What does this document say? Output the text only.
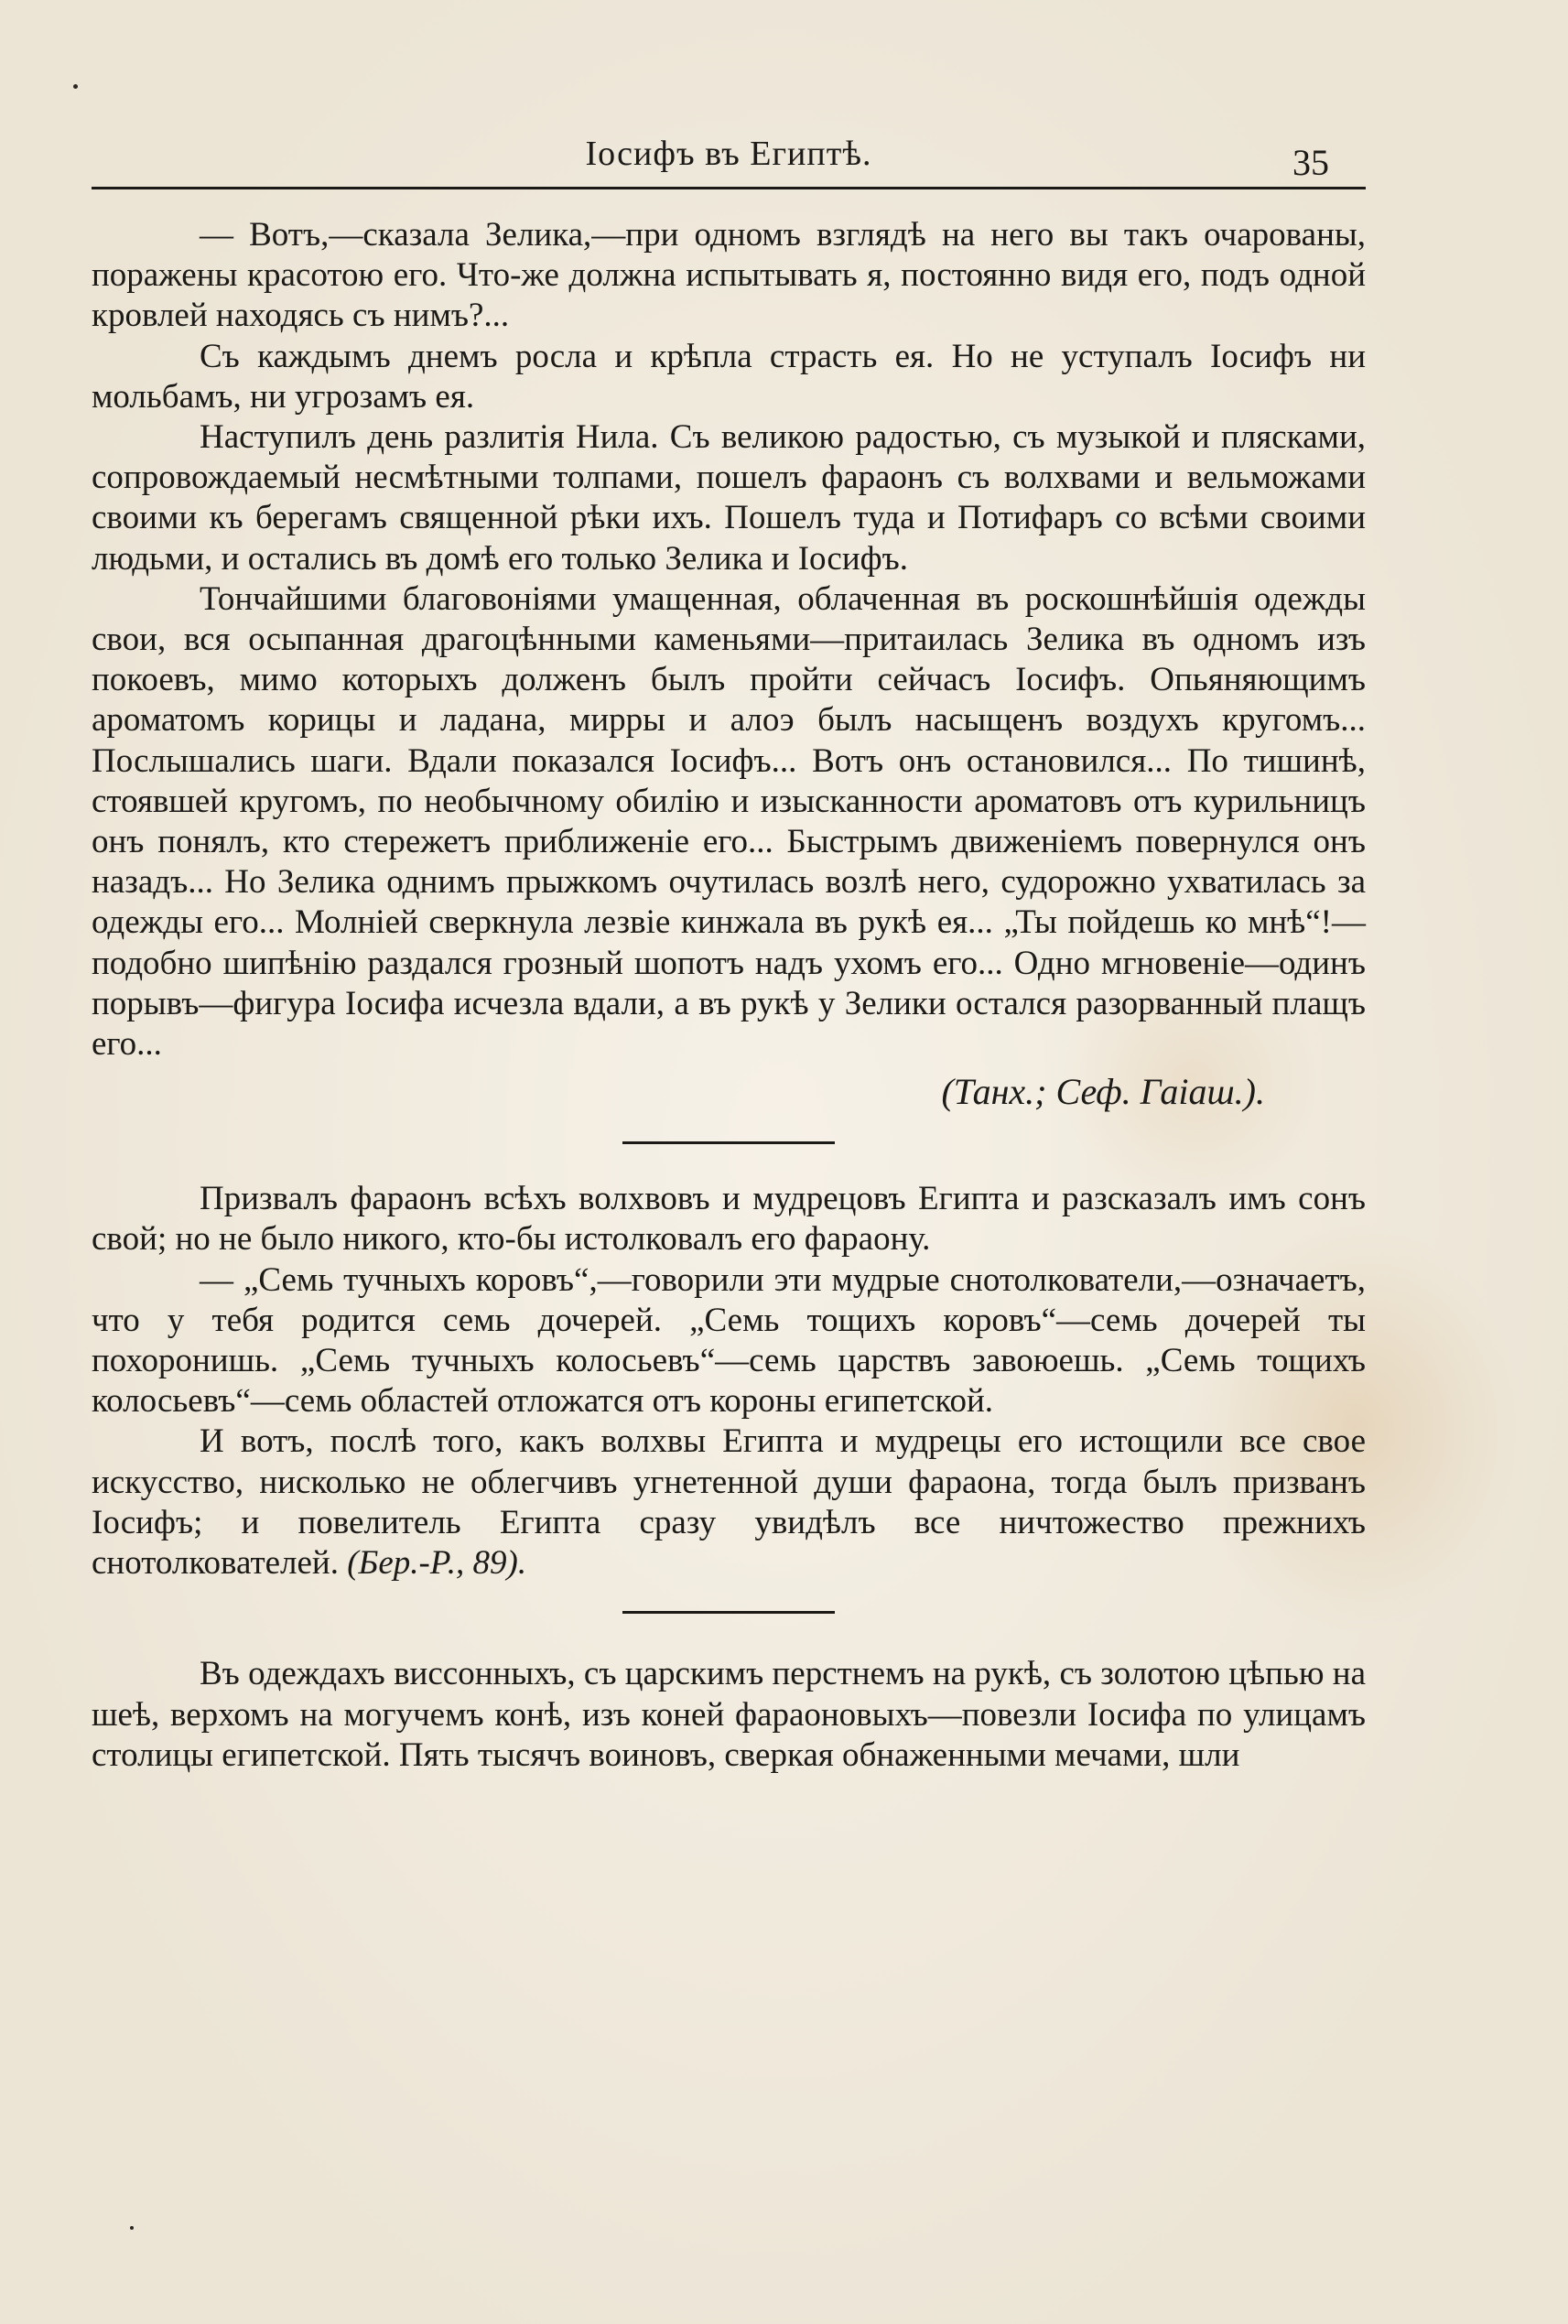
Іосифъ въ Египтѣ.	35

— Вотъ,—сказала Зелика,—при одномъ взглядѣ на него вы такъ очарованы, поражены красотою его. Что-же должна испытывать я, постоянно видя его, подъ одной кровлей находясь съ нимъ?...

Съ каждымъ днемъ росла и крѣпла страсть ея. Но не уступалъ Іосифъ ни мольбамъ, ни угрозамъ ея.

Наступилъ день разлитія Нила. Съ великою радостью, съ музыкой и плясками, сопровождаемый несмѣтными толпами, пошелъ фараонъ съ волхвами и вельможами своими къ берегамъ священной рѣки ихъ. Пошелъ туда и Потифаръ со всѣми своими людьми, и остались въ домѣ его только Зелика и Іосифъ.

Тончайшими благовоніями умащенная, облаченная въ роскошнѣйшія одежды свои, вся осыпанная драгоцѣнными каменьями—притаилась Зелика въ одномъ изъ покоевъ, мимо которыхъ долженъ былъ пройти сейчасъ Іосифъ. Опьяняющимъ ароматомъ корицы и ладана, мирры и алоэ былъ насыщенъ воздухъ кругомъ... Послышались шаги. Вдали показался Іосифъ... Вотъ онъ остановился... По тишинѣ, стоявшей кругомъ, по необычному обилію и изысканности ароматовъ отъ курильницъ онъ понялъ, кто стережетъ приближеніе его... Быстрымъ движеніемъ повернулся онъ назадъ... Но Зелика однимъ прыжкомъ очутилась возлѣ него, судорожно ухватилась за одежды его... Молніей сверкнула лезвіе кинжала въ рукѣ ея... „Ты пойдешь ко мнѣ“!—подобно шипѣнію раздался грозный шопотъ надъ ухомъ его... Одно мгновеніе—одинъ порывъ—фигура Іосифа исчезла вдали, а въ рукѣ у Зелики остался разорванный плащъ его...

(Танх.; Сеф. Гаіаш.).

Призвалъ фараонъ всѣхъ волхвовъ и мудрецовъ Египта и разсказалъ имъ сонъ свой; но не было никого, кто-бы истолковалъ его фараону.

— „Семь тучныхъ коровъ“,—говорили эти мудрые снотолкователи,—означаетъ, что у тебя родится семь дочерей. „Семь тощихъ коровъ“—семь дочерей ты похоронишь. „Семь тучныхъ колосьевъ“—семь царствъ завоюешь. „Семь тощихъ колосьевъ“—семь областей отложатся отъ короны египетской.

И вотъ, послѣ того, какъ волхвы Египта и мудрецы его истощили все свое искусство, нисколько не облегчивъ угнетенной души фараона, тогда былъ призванъ Іосифъ; и повелитель Египта сразу увидѣлъ все ничтожество прежнихъ снотолкователей. (Бер.-Р., 89).

Въ одеждахъ виссонныхъ, съ царскимъ перстнемъ на рукѣ, съ золотою цѣпью на шеѣ, верхомъ на могучемъ конѣ, изъ коней фараоновыхъ—повезли Іосифа по улицамъ столицы египетской. Пять тысячъ воиновъ, сверкая обнаженными мечами, шли
